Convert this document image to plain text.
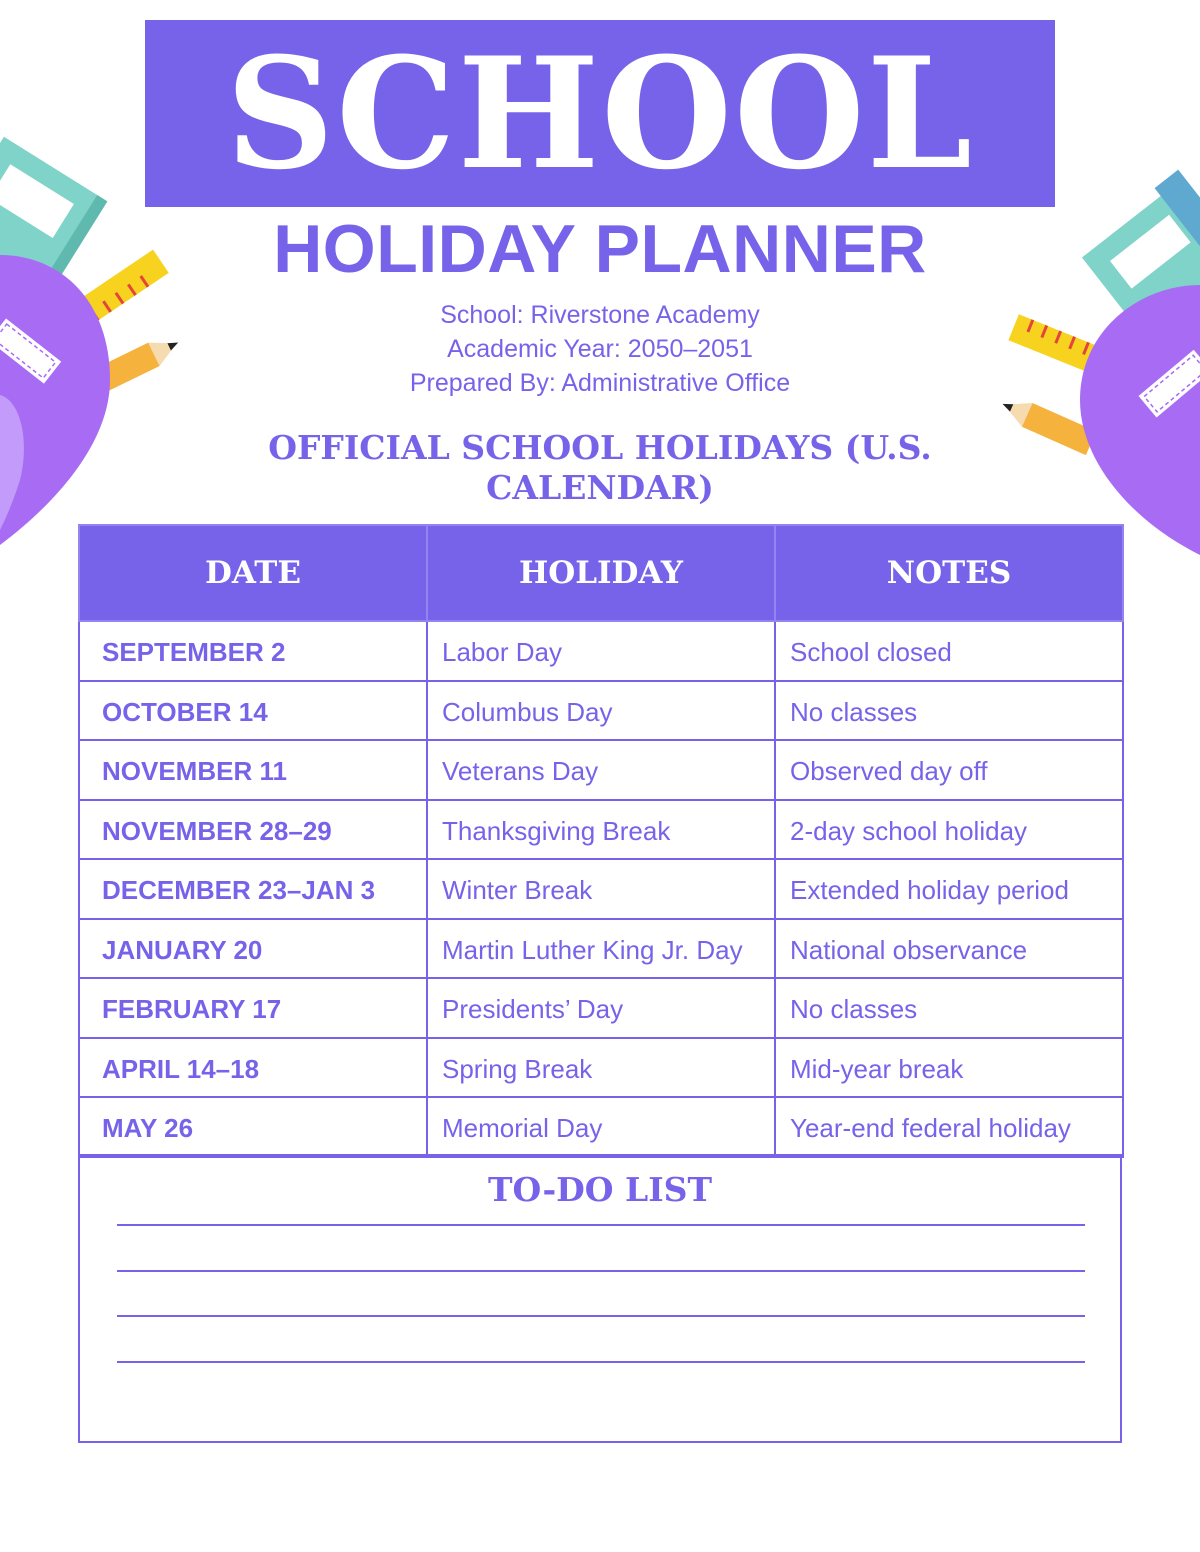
SCHOOL
HOLIDAY PLANNER
School: Riverstone Academy
Academic Year: 2050–2051
Prepared By: Administrative Office
OFFICIAL SCHOOL HOLIDAYS (U.S. CALENDAR)
DATE	HOLIDAY	NOTES
SEPTEMBER 2	Labor Day	School closed
OCTOBER 14	Columbus Day	No classes
NOVEMBER 11	Veterans Day	Observed day off
NOVEMBER 28–29	Thanksgiving Break	2-day school holiday
DECEMBER 23–JAN 3	Winter Break	Extended holiday period
JANUARY 20	Martin Luther King Jr. Day	National observance
FEBRUARY 17	Presidents’ Day	No classes
APRIL 14–18	Spring Break	Mid-year break
MAY 26	Memorial Day	Year-end federal holiday
TO-DO LIST
